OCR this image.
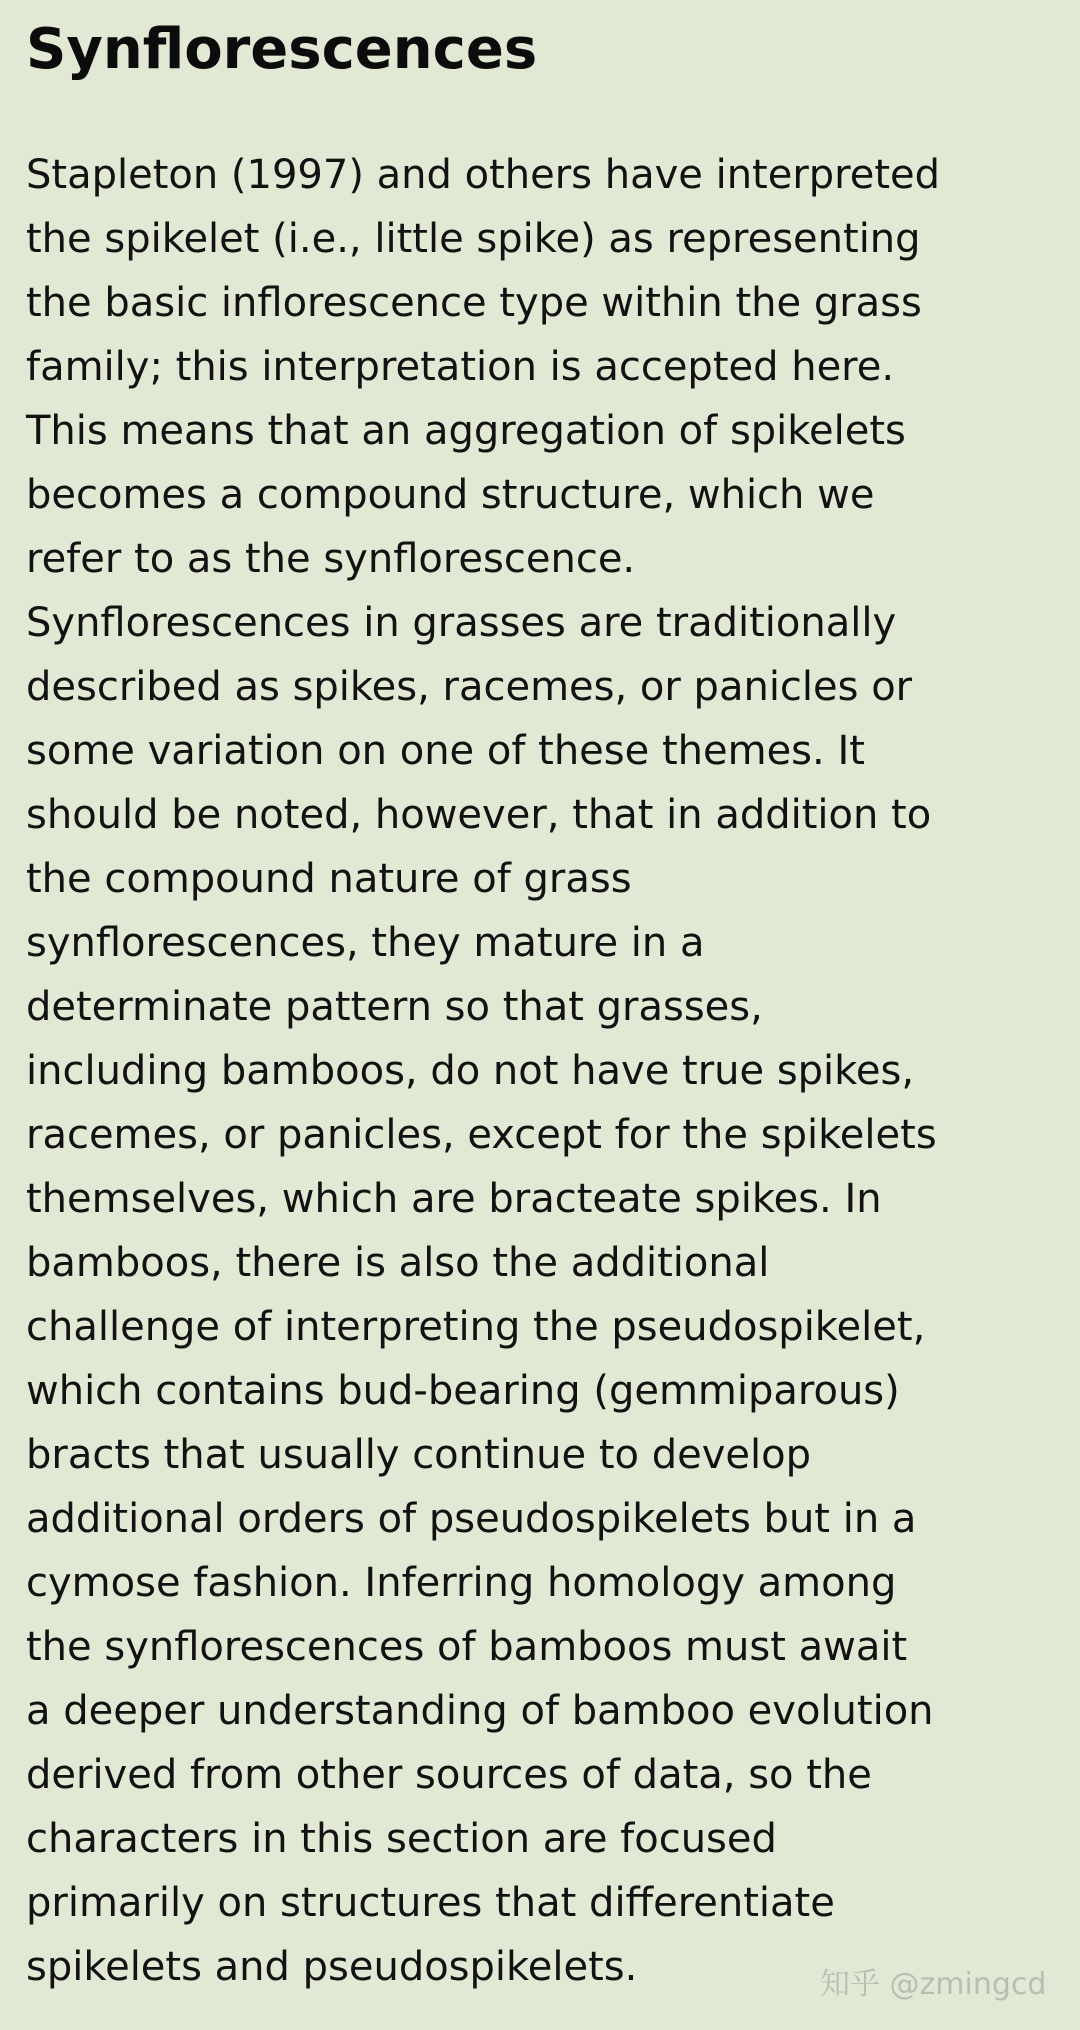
Synflorescences
Stapleton (1997) and others have interpreted
the spikelet (i.e., little spike) as representing
the basic inflorescence type within the grass
family; this interpretation is accepted here.
This means that an aggregation of spikelets
becomes a compound structure, which we
refer to as the synflorescence.
Synflorescences in grasses are traditionally
described as spikes, racemes, or panicles or
some variation on one of these themes. It
should be noted, however, that in addition to
the compound nature of grass
synflorescences, they mature in a
determinate pattern so that grasses,
including bamboos, do not have true spikes,
racemes, or panicles, except for the spikelets
themselves, which are bracteate spikes. In
bamboos, there is also the additional
challenge of interpreting the pseudospikelet,
which contains bud-bearing (gemmiparous)
bracts that usually continue to develop
additional orders of pseudospikelets but in a
cymose fashion. Inferring homology among
the synflorescences of bamboos must await
a deeper understanding of bamboo evolution
derived from other sources of data, so the
characters in this section are focused
primarily on structures that differentiate
spikelets and pseudospikelets.	知乎 @zmingcd
